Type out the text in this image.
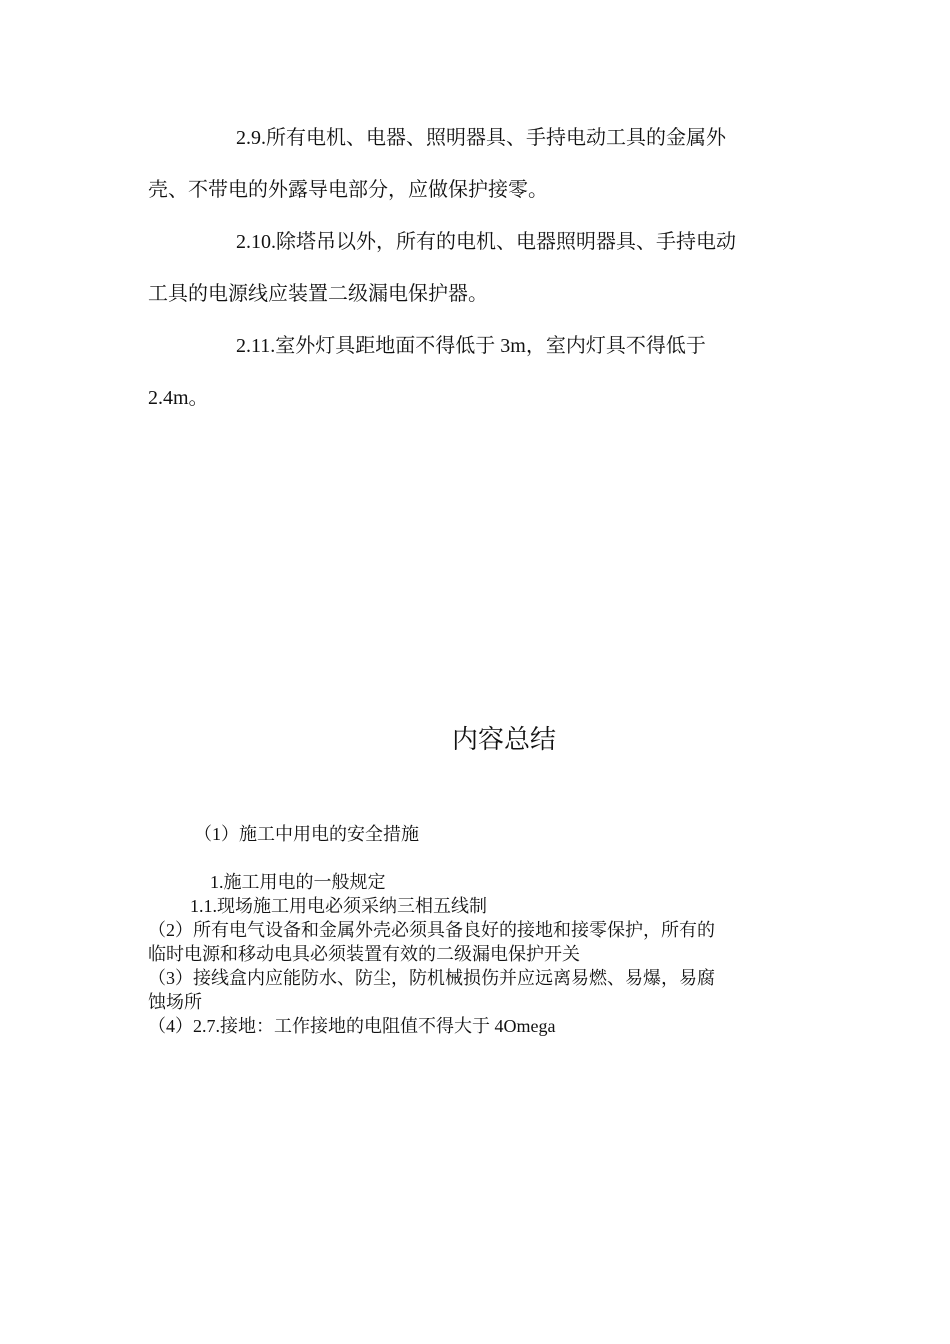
2.9.所有电机、电器、照明器具、手持电动工具的金属外

壳、不带电的外露导电部分，应做保护接零。

2.10.除塔吊以外，所有的电机、电器照明器具、手持电动

工具的电源线应装置二级漏电保护器。

2.11.室外灯具距地面不得低于 3m，室内灯具不得低于

2.4m。

内容总结

（1）施工中用电的安全措施

1.施工用电的一般规定

1.1.现场施工用电必须采纳三相五线制

（2）所有电气设备和金属外壳必须具备良好的接地和接零保护，所有的

临时电源和移动电具必须装置有效的二级漏电保护开关

（3）接线盒内应能防水、防尘，防机械损伤并应远离易燃、易爆，易腐

蚀场所

（4）2.7.接地：工作接地的电阻值不得大于 4Omega
